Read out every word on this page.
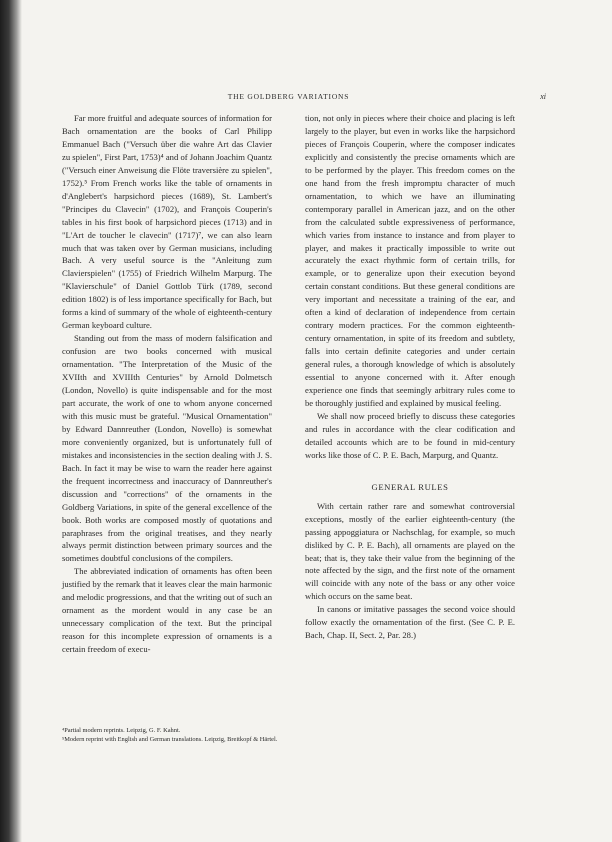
THE GOLDBERG VARIATIONS	xi

Far more fruitful and adequate sources of information for Bach ornamentation are the books of Carl Philipp Emmanuel Bach ("Versuch über die wahre Art das Clavier zu spielen", First Part, 1753)⁴ and of Johann Joachim Quantz ("Versuch einer Anweisung die Flöte traversière zu spielen", 1752).⁵ From French works like the table of ornaments in d'Anglebert's harpsichord pieces (1689), St. Lambert's "Principes du Clavecin" (1702), and François Couperin's tables in his first book of harpsichord pieces (1713) and in "L'Art de toucher le clavecin" (1717)⁷, we can also learn much that was taken over by German musicians, including Bach. A very useful source is the "Anleitung zum Clavierspielen" (1755) of Friedrich Wilhelm Marpurg. The "Klavierschule" of Daniel Gottlob Türk (1789, second edition 1802) is of less importance specifically for Bach, but forms a kind of summary of the whole of eighteenth-century German keyboard culture.

Standing out from the mass of modern falsification and confusion are two books concerned with musical ornamentation. "The Interpretation of the Music of the XVIIth and XVIIIth Centuries" by Arnold Dolmetsch (London, Novello) is quite indispensable and for the most part accurate, the work of one to whom anyone concerned with this music must be grateful. "Musical Ornamentation" by Edward Dannreuther (London, Novello) is somewhat more conveniently organized, but is unfortunately full of mistakes and inconsistencies in the section dealing with J. S. Bach. In fact it may be wise to warn the reader here against the frequent incorrectness and inaccuracy of Dannreuther's discussion and "corrections" of the ornaments in the Goldberg Variations, in spite of the general excellence of the book. Both works are composed mostly of quotations and paraphrases from the original treatises, and they nearly always permit distinction between primary sources and the sometimes doubtful conclusions of the compilers.

The abbreviated indication of ornaments has often been justified by the remark that it leaves clear the main harmonic and melodic progressions, and that the writing out of such an ornament as the mordent would in any case be an unnecessary complication of the text. But the principal reason for this incomplete expression of ornaments is a certain freedom of execu-

tion, not only in pieces where their choice and placing is left largely to the player, but even in works like the harpsichord pieces of François Couperin, where the composer indicates explicitly and consistently the precise ornaments which are to be performed by the player. This freedom comes on the one hand from the fresh impromptu character of much ornamentation, to which we have an illuminating contemporary parallel in American jazz, and on the other from the calculated subtle expressiveness of performance, which varies from instance to instance and from player to player, and makes it practically impossible to write out accurately the exact rhythmic form of certain trills, for example, or to generalize upon their execution beyond certain constant conditions. But these general conditions are very important and necessitate a training of the ear, and often a kind of declaration of independence from certain contrary modern practices. For the common eighteenth-century ornamentation, in spite of its freedom and subtlety, falls into certain definite categories and under certain general rules, a thorough knowledge of which is absolutely essential to anyone concerned with it. After enough experience one finds that seemingly arbitrary rules come to be thoroughly justified and explained by musical feeling.

We shall now proceed briefly to discuss these categories and rules in accordance with the clear codification and detailed accounts which are to be found in mid-century works like those of C. P. E. Bach, Marpurg, and Quantz.

GENERAL RULES

With certain rather rare and somewhat controversial exceptions, mostly of the earlier eighteenth-century (the passing appoggiatura or Nachschlag, for example, so much disliked by C. P. E. Bach), all ornaments are played on the beat; that is, they take their value from the beginning of the note affected by the sign, and the first note of the ornament will coincide with any note of the bass or any other voice which occurs on the same beat.

In canons or imitative passages the second voice should follow exactly the ornamentation of the first. (See C. P. E. Bach, Chap. II, Sect. 2, Par. 28.)

⁴Partial modern reprints. Leipzig, G. F. Kahnt.
⁵Modern reprint with English and German translations. Leipzig, Breitkopf & Härtel.
